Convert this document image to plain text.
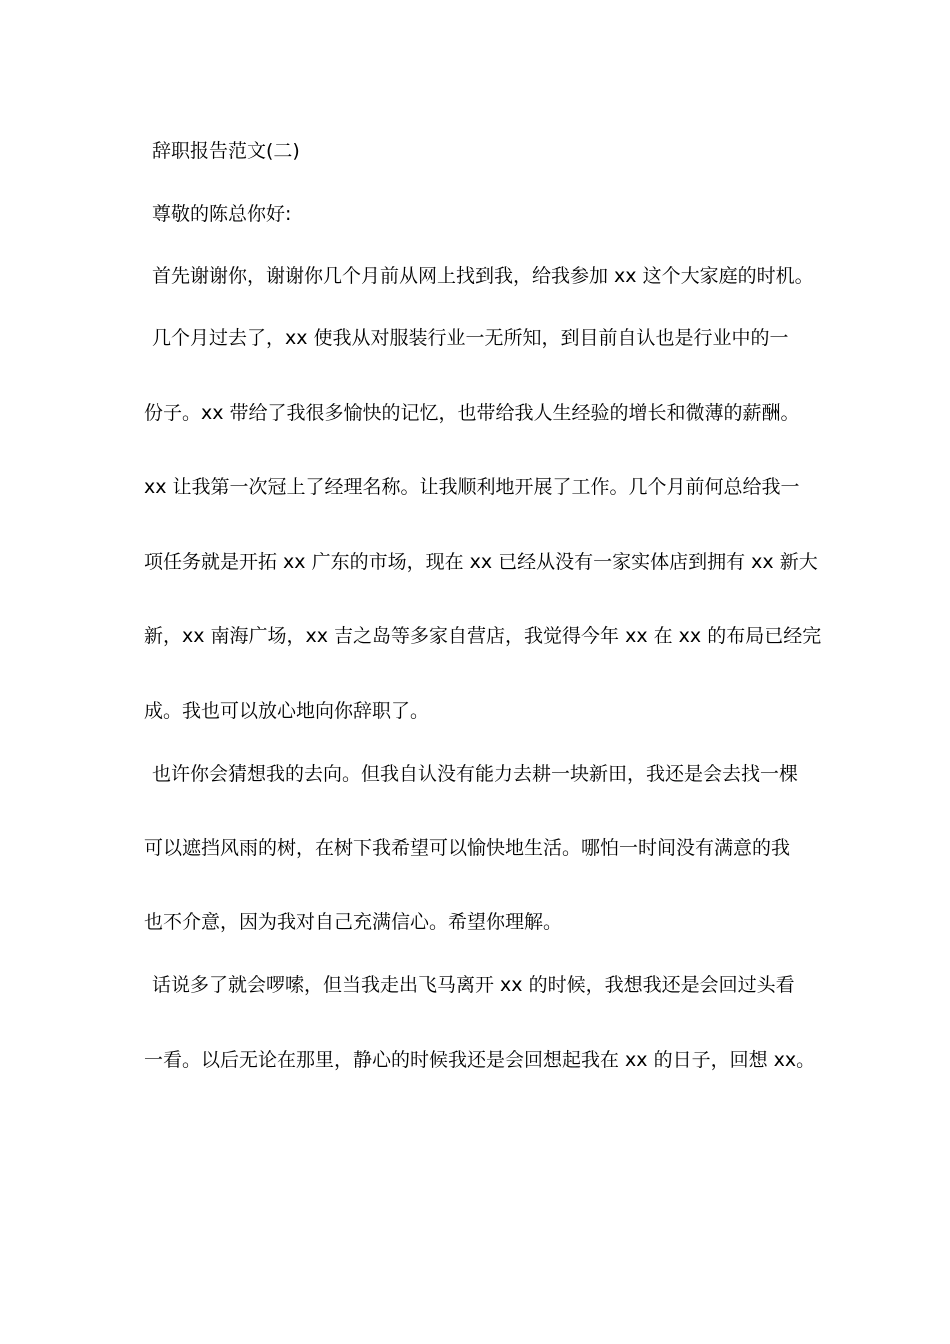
辞职报告范文(二)
尊敬的陈总你好:
首先谢谢你，谢谢你几个月前从网上找到我，给我参加 xx 这个大家庭的时机。
几个月过去了，xx 使我从对服装行业一无所知，到目前自认也是行业中的一
份子。xx 带给了我很多愉快的记忆，也带给我人生经验的增长和微薄的薪酬。
xx 让我第一次冠上了经理名称。让我顺利地开展了工作。几个月前何总给我一
项任务就是开拓 xx 广东的市场，现在 xx 已经从没有一家实体店到拥有 xx 新大
新，xx 南海广场，xx 吉之岛等多家自营店，我觉得今年 xx 在 xx 的布局已经完
成。我也可以放心地向你辞职了。
也许你会猜想我的去向。但我自认没有能力去耕一块新田，我还是会去找一棵
可以遮挡风雨的树，在树下我希望可以愉快地生活。哪怕一时间没有满意的我
也不介意，因为我对自己充满信心。希望你理解。
话说多了就会啰嗦，但当我走出飞马离开 xx 的时候，我想我还是会回过头看
一看。以后无论在那里，静心的时候我还是会回想起我在 xx 的日子，回想 xx。
